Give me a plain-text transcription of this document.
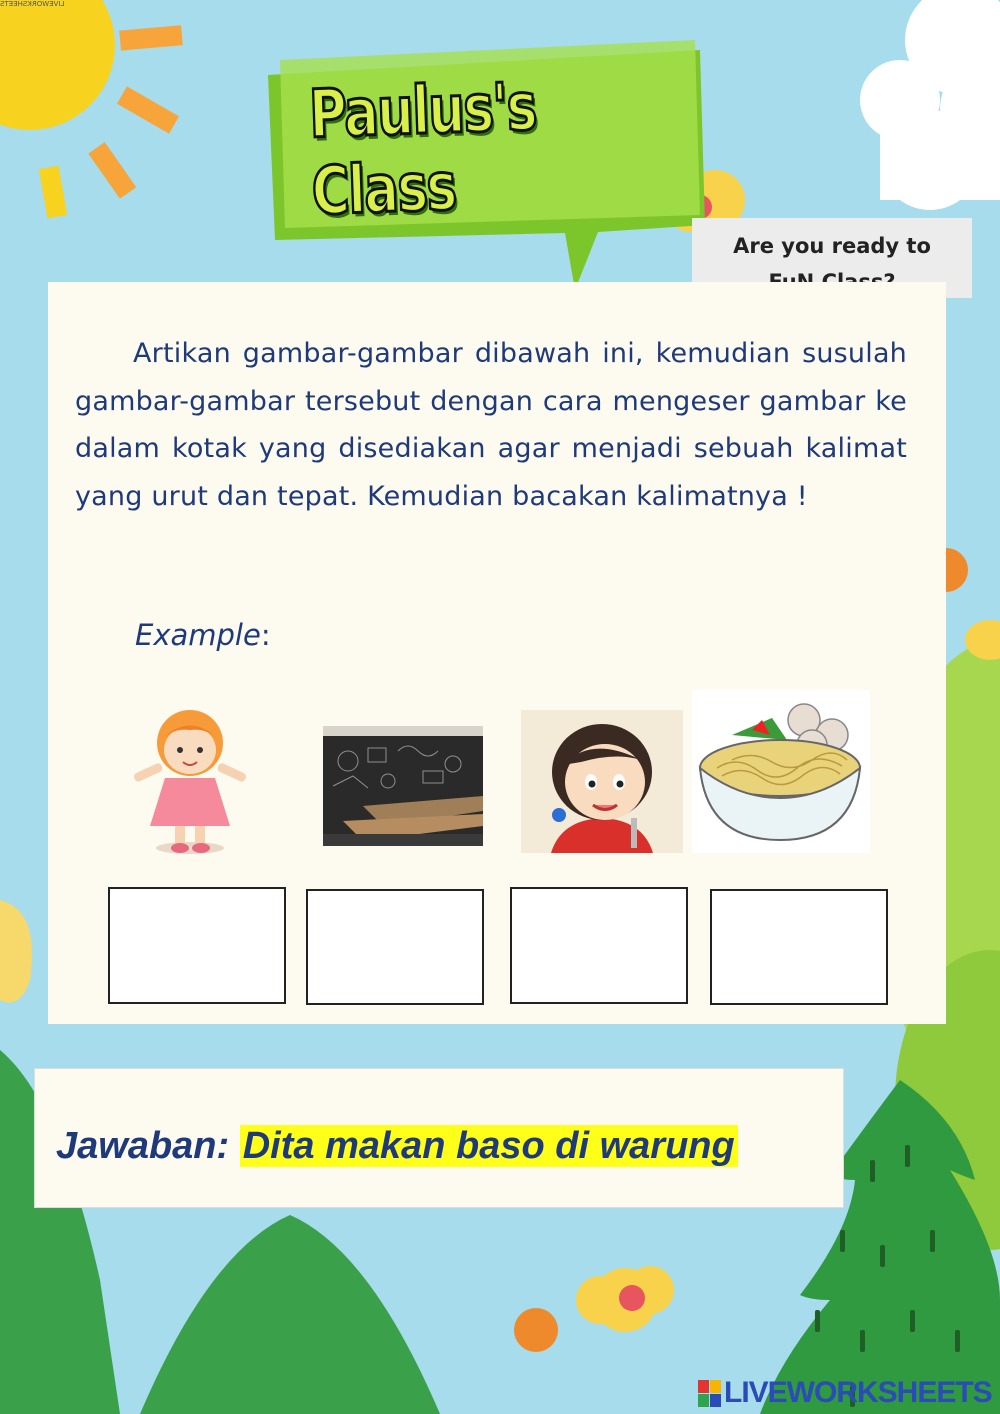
LIVEWORKSHEETS
Paulus's Class
Are you ready to
Artikan gambar-gambar dibawah ini, kemudian susulah gambar-gambar tersebut dengan cara mengeser gambar ke dalam kotak yang disediakan agar menjadi sebuah kalimat yang urut dan tepat. Kemudian bacakan kalimatnya !
Example:
Jawaban: Dita makan baso di warung
LIVEWORKSHEETS
